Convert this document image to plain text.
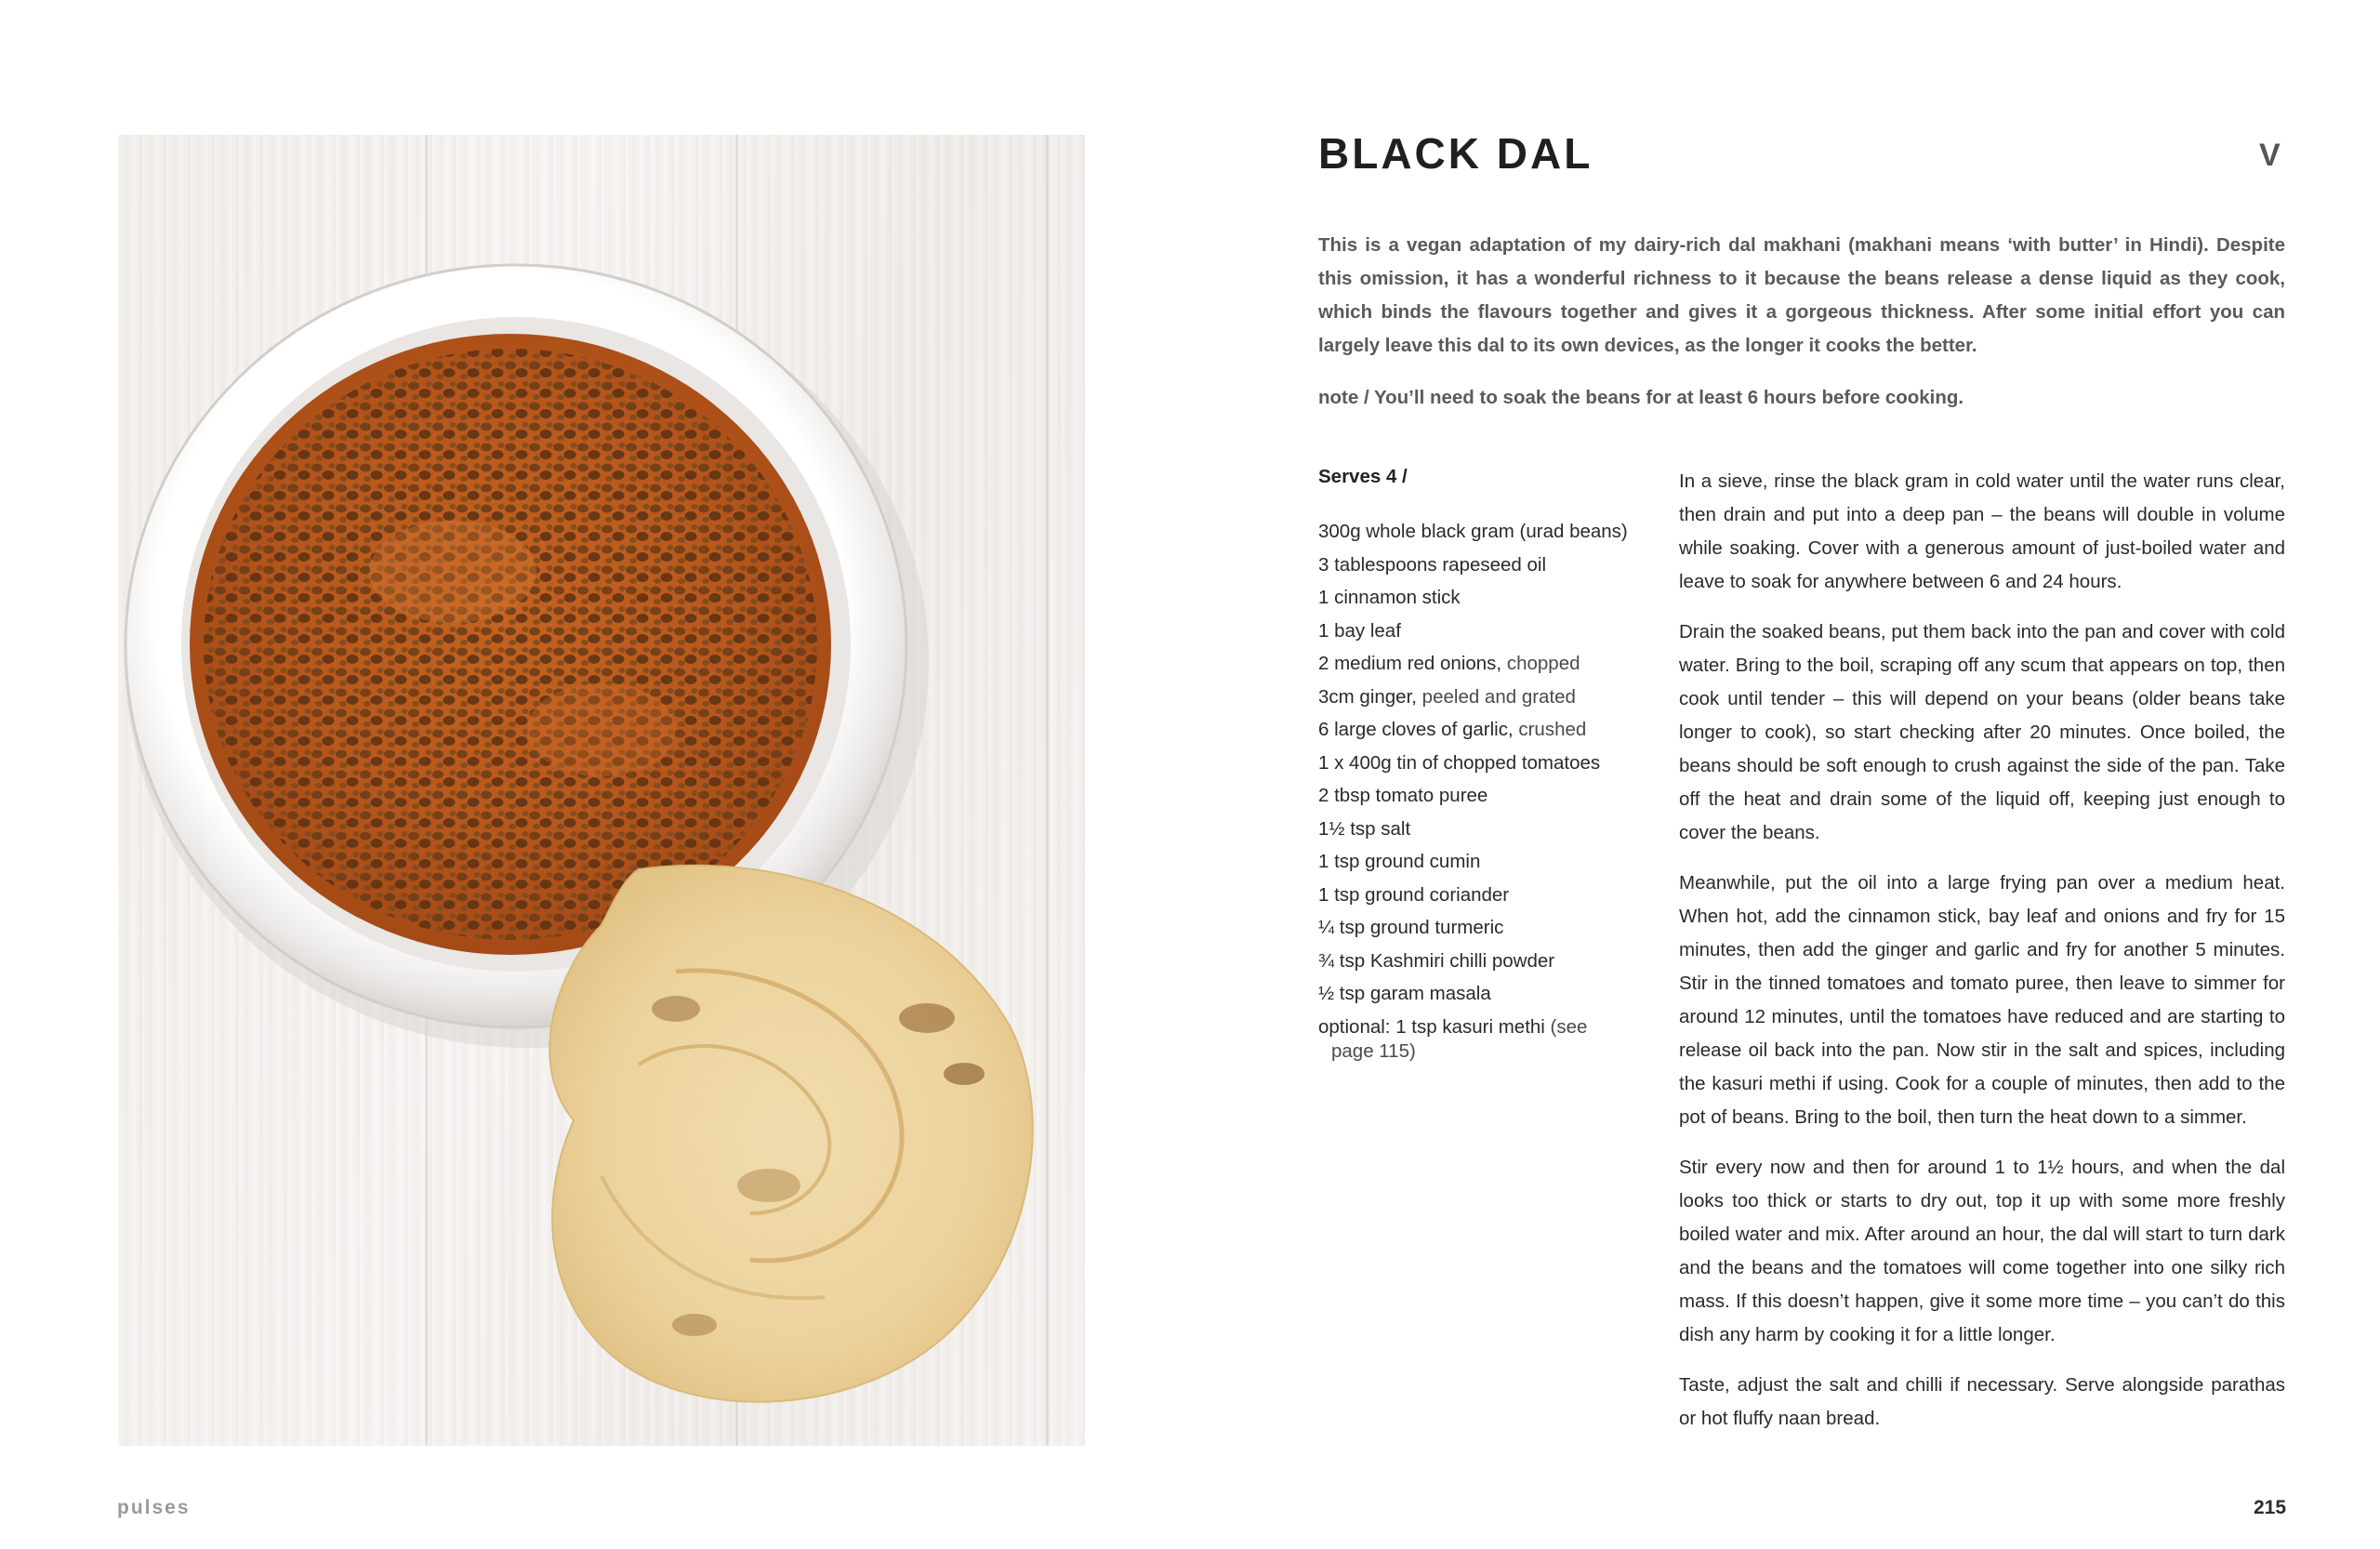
pulses
BLACK DAL	V

This is a vegan adaptation of my dairy-rich dal makhani (makhani means ‘with butter’ in Hindi). Despite this omission, it has a wonderful richness to it because the beans release a dense liquid as they cook, which binds the flavours together and gives it a gorgeous thickness. After some initial effort you can largely leave this dal to its own devices, as the longer it cooks the better.

note / You’ll need to soak the beans for at least 6 hours before cooking.

Serves 4 /
300g whole black gram (urad beans)
3 tablespoons rapeseed oil
1 cinnamon stick
1 bay leaf
2 medium red onions, chopped
3cm ginger, peeled and grated
6 large cloves of garlic, crushed
1 x 400g tin of chopped tomatoes
2 tbsp tomato puree
1½ tsp salt
1 tsp ground cumin
1 tsp ground coriander
¼ tsp ground turmeric
¾ tsp Kashmiri chilli powder
½ tsp garam masala
optional: 1 tsp kasuri methi (see
page 115)

In a sieve, rinse the black gram in cold water until the water runs clear, then drain and put into a deep pan – the beans will double in volume while soaking. Cover with a generous amount of just-boiled water and leave to soak for anywhere between 6 and 24 hours.

Drain the soaked beans, put them back into the pan and cover with cold water. Bring to the boil, scraping off any scum that appears on top, then cook until tender – this will depend on your beans (older beans take longer to cook), so start checking after 20 minutes. Once boiled, the beans should be soft enough to crush against the side of the pan. Take off the heat and drain some of the liquid off, keeping just enough to cover the beans.

Meanwhile, put the oil into a large frying pan over a medium heat. When hot, add the cinnamon stick, bay leaf and onions and fry for 15 minutes, then add the ginger and garlic and fry for another 5 minutes. Stir in the tinned tomatoes and tomato puree, then leave to simmer for around 12 minutes, until the tomatoes have reduced and are starting to release oil back into the pan. Now stir in the salt and spices, including the kasuri methi if using. Cook for a couple of minutes, then add to the pot of beans. Bring to the boil, then turn the heat down to a simmer.

Stir every now and then for around 1 to 1½ hours, and when the dal looks too thick or starts to dry out, top it up with some more freshly boiled water and mix. After around an hour, the dal will start to turn dark and the beans and the tomatoes will come together into one silky rich mass. If this doesn’t happen, give it some more time – you can’t do this dish any harm by cooking it for a little longer.

Taste, adjust the salt and chilli if necessary. Serve alongside parathas or hot fluffy naan bread.

215
